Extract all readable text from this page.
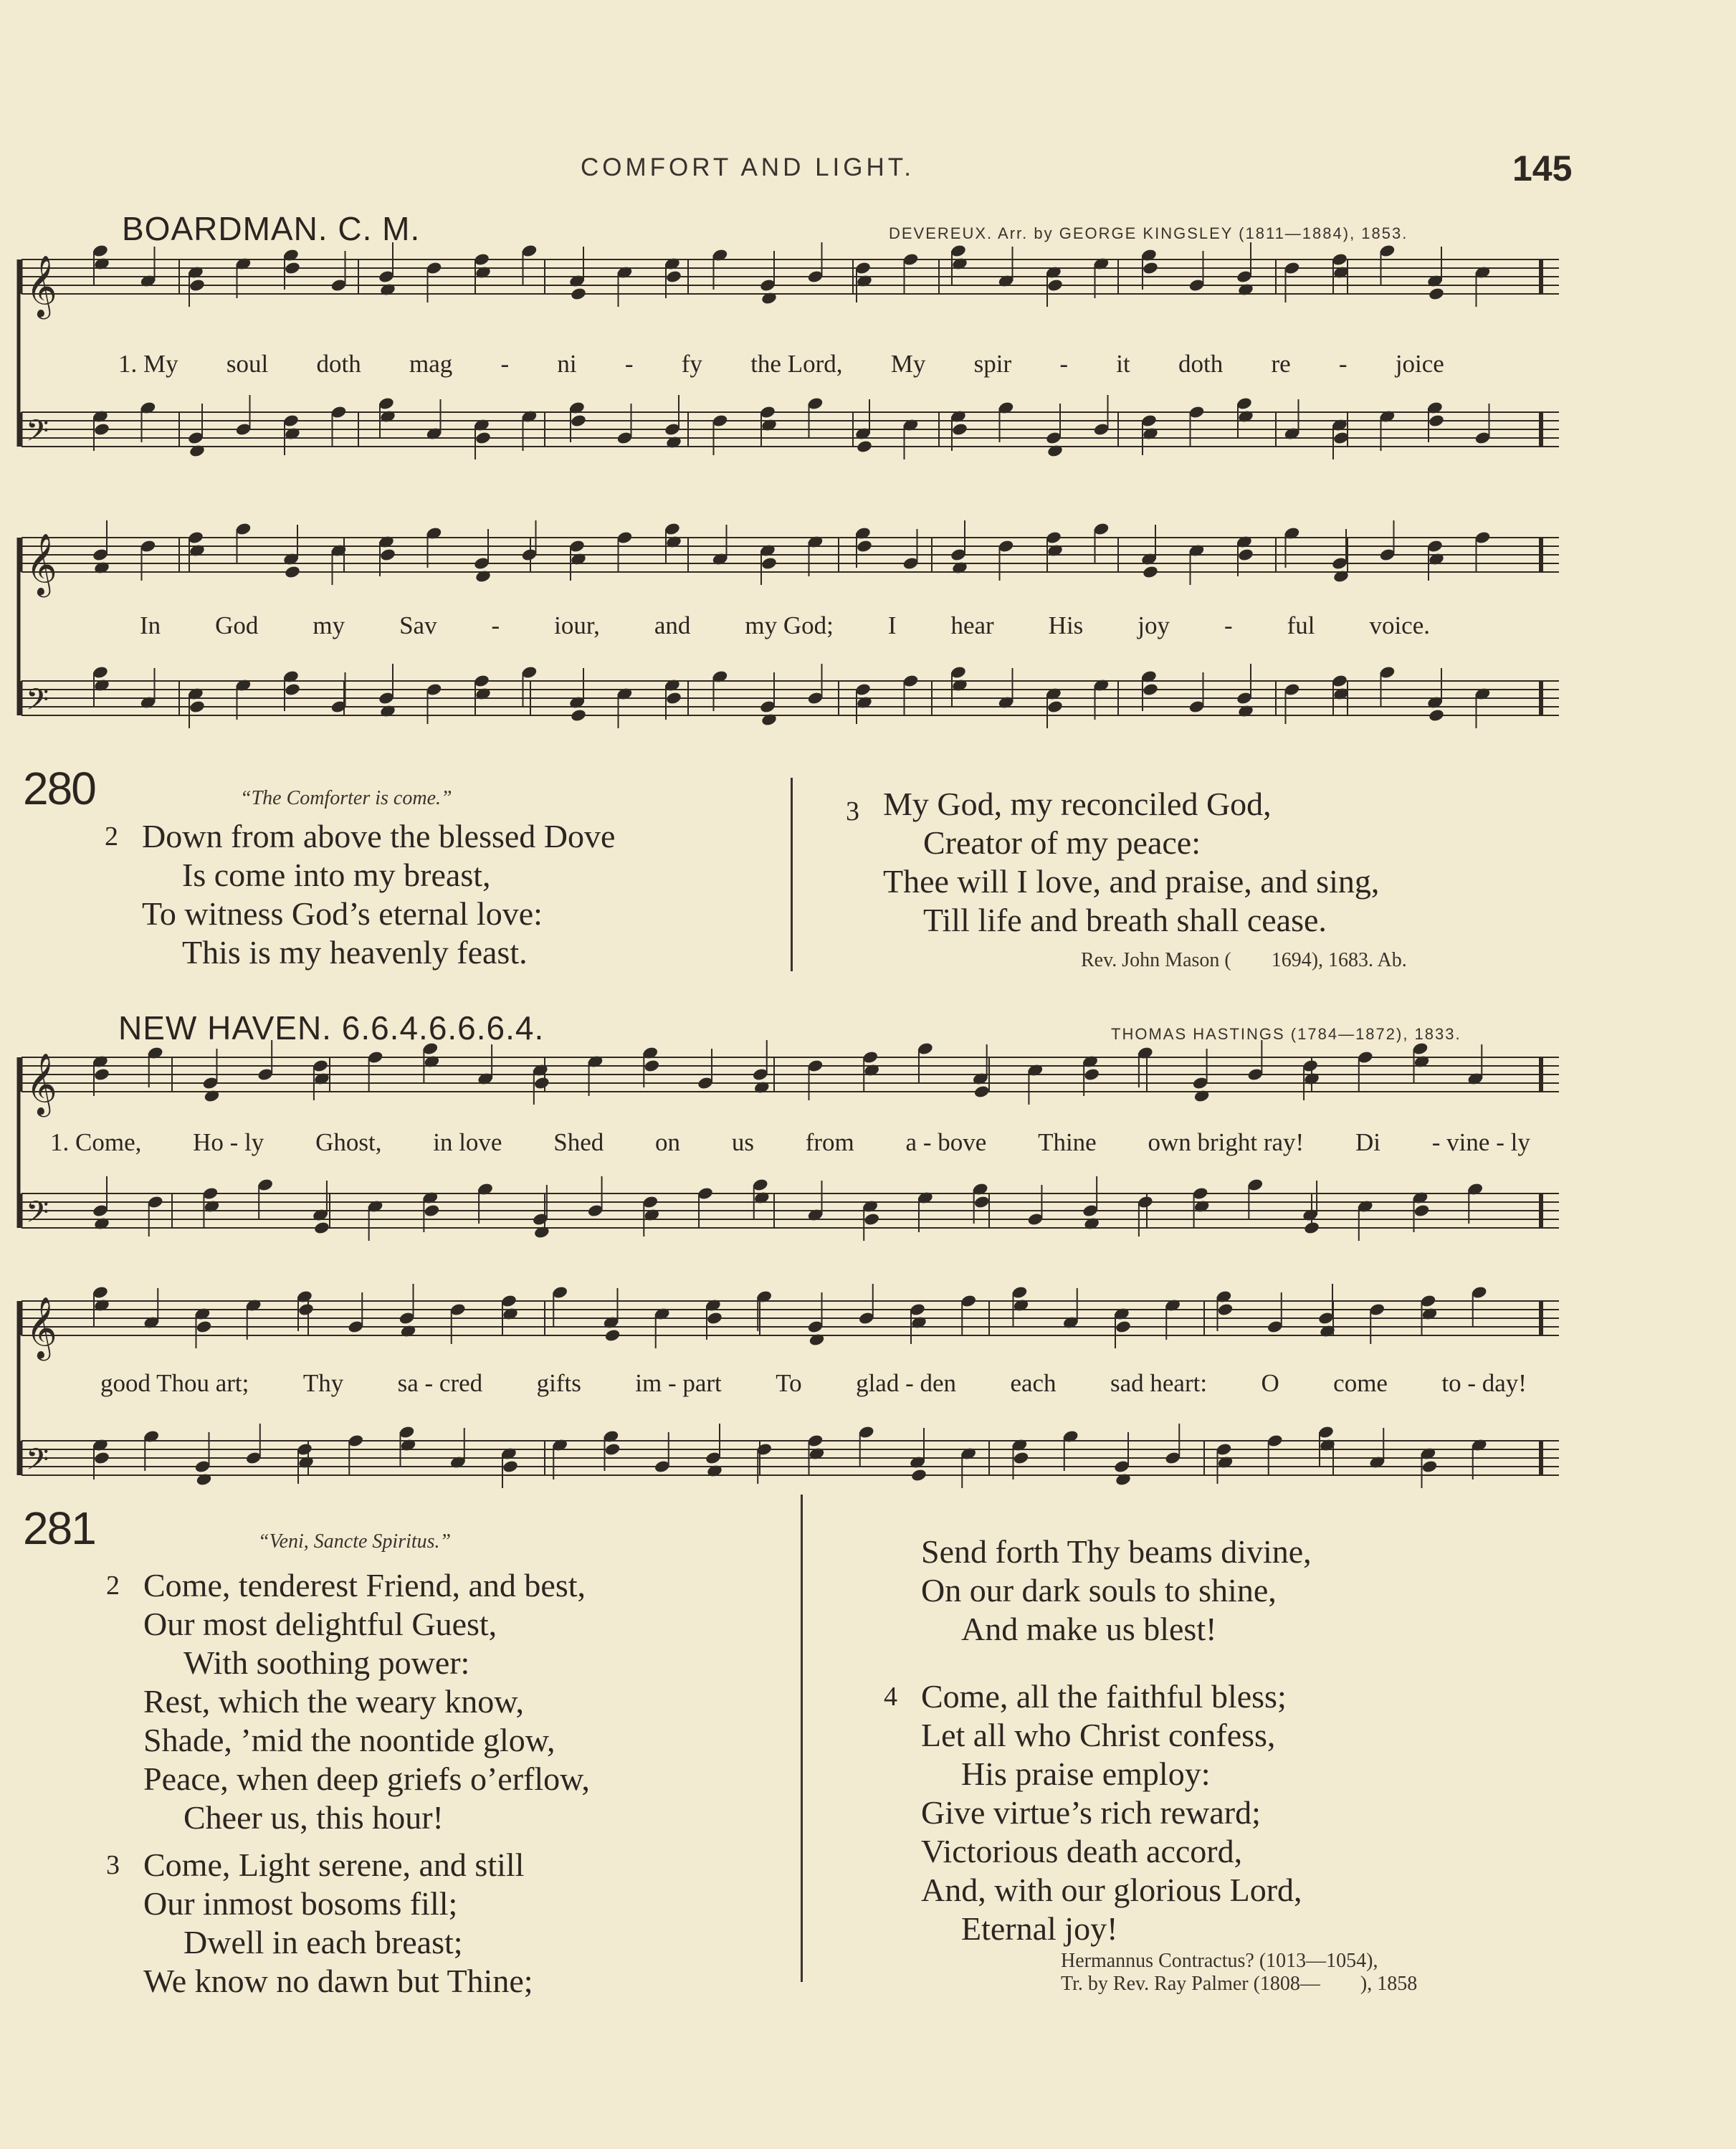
COMFORT AND LIGHT.	145
BOARDMAN. C. M.	DEVEREUX. Arr. by GEORGE KINGSLEY (1811—1884), 1853.
𝄞
𝄢
𝄞
𝄢
𝄞
𝄢
𝄞
𝄢
1. My soul doth mag - ni - fy the Lord, My spir - it doth re - joice
In God my Sav - iour, and my God; I hear His joy - ful voice.
280	“The Comforter is come.”
2 Down from above the blessed Dove
Is come into my breast,
To witness God’s eternal love:
This is my heavenly feast.
3 My God, my reconciled God,
Creator of my peace:
Thee will I love, and praise, and sing,
Till life and breath shall cease.
Rev. John Mason (  1694), 1683. Ab.
NEW HAVEN. 6.6.4.6.6.6.4.	THOMAS HASTINGS (1784—1872), 1833.
1. Come, Ho - ly Ghost, in love Shed on us from a - bove Thine own bright ray! Di - vine - ly
good Thou art; Thy sa - cred gifts im - part To glad - den each sad heart: O come to - day!
281	“Veni, Sancte Spiritus.”
2 Come, tenderest Friend, and best,
Our most delightful Guest,
With soothing power:
Rest, which the weary know,
Shade, ’mid the noontide glow,
Peace, when deep griefs o’erflow,
Cheer us, this hour!
3 Come, Light serene, and still
Our inmost bosoms fill;
Dwell in each breast;
We know no dawn but Thine;
Send forth Thy beams divine,
On our dark souls to shine,
And make us blest!
4 Come, all the faithful bless;
Let all who Christ confess,
His praise employ:
Give virtue’s rich reward;
Victorious death accord,
And, with our glorious Lord,
Eternal joy!
Hermannus Contractus? (1013—1054),
Tr. by Rev. Ray Palmer (1808—  ), 1858
